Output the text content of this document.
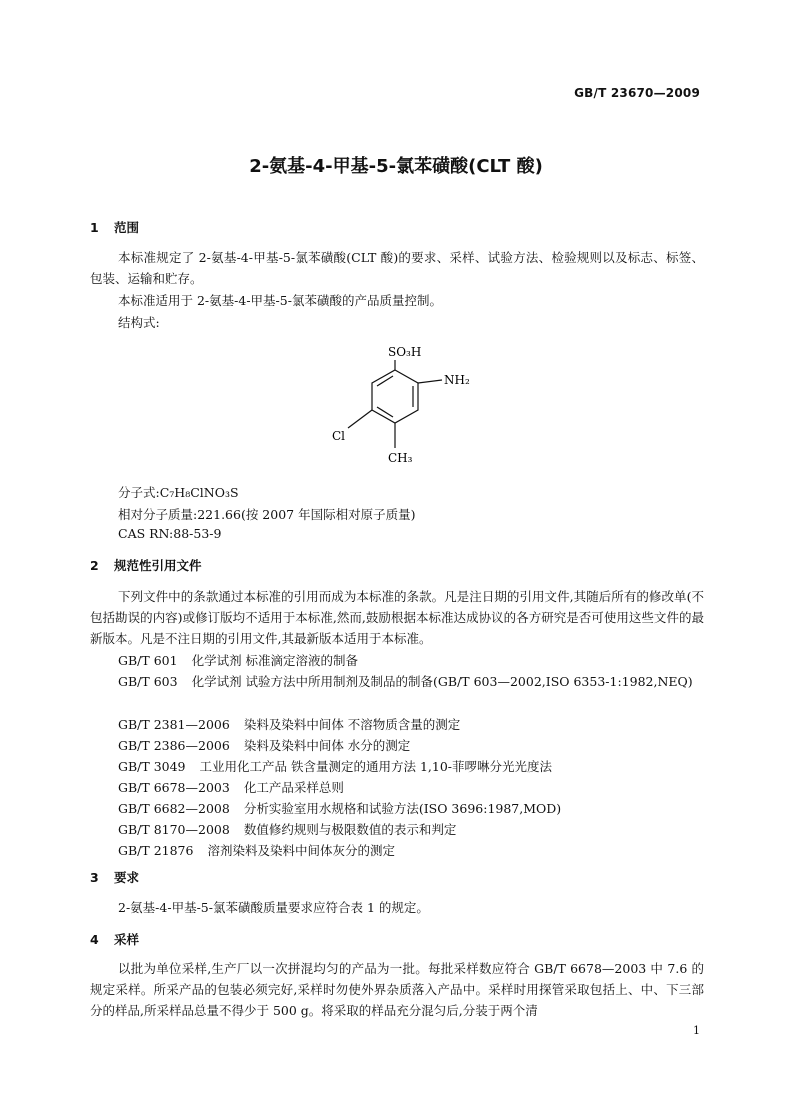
GB/T 23670—2009
2-氨基-4-甲基-5-氯苯磺酸(CLT 酸)
1 范围

本标准规定了 2-氨基-4-甲基-5-氯苯磺酸(CLT 酸)的要求、采样、试验方法、检验规则以及标志、标签、包装、运输和贮存。

本标准适用于 2-氨基-4-甲基-5-氯苯磺酸的产品质量控制。
结构式:
SO₃H
NH₂
Cl
CH₃
分子式:C₇H₈ClNO₃S
相对分子质量:221.66(按 2007 年国际相对原子质量)
CAS RN:88-53-9
2 规范性引用文件

下列文件中的条款通过本标准的引用而成为本标准的条款。凡是注日期的引用文件,其随后所有的修改单(不包括勘误的内容)或修订版均不适用于本标准,然而,鼓励根据本标准达成协议的各方研究是否可使用这些文件的最新版本。凡是不注日期的引用文件,其最新版本适用于本标准。

GB/T 601 化学试剂 标准滴定溶液的制备
GB/T 603 化学试剂 试验方法中所用制剂及制品的制备(GB/T 603—2002,ISO 6353-1:1982,NEQ)
GB/T 2381—2006 染料及染料中间体 不溶物质含量的测定
GB/T 2386—2006 染料及染料中间体 水分的测定
GB/T 3049 工业用化工产品 铁含量测定的通用方法 1,10-菲啰啉分光光度法
GB/T 6678—2003 化工产品采样总则
GB/T 6682—2008 分析实验室用水规格和试验方法(ISO 3696:1987,MOD)
GB/T 8170—2008 数值修约规则与极限数值的表示和判定
GB/T 21876 溶剂染料及染料中间体灰分的测定
3 要求
2-氨基-4-甲基-5-氯苯磺酸质量要求应符合表 1 的规定。
4 采样

以批为单位采样,生产厂以一次拼混均匀的产品为一批。每批采样数应符合 GB/T 6678—2003 中 7.6 的规定采样。所采产品的包装必须完好,采样时勿使外界杂质落入产品中。采样时用探管采取包括上、中、下三部分的样品,所采样品总量不得少于 500 g。将采取的样品充分混匀后,分装于两个清

1
